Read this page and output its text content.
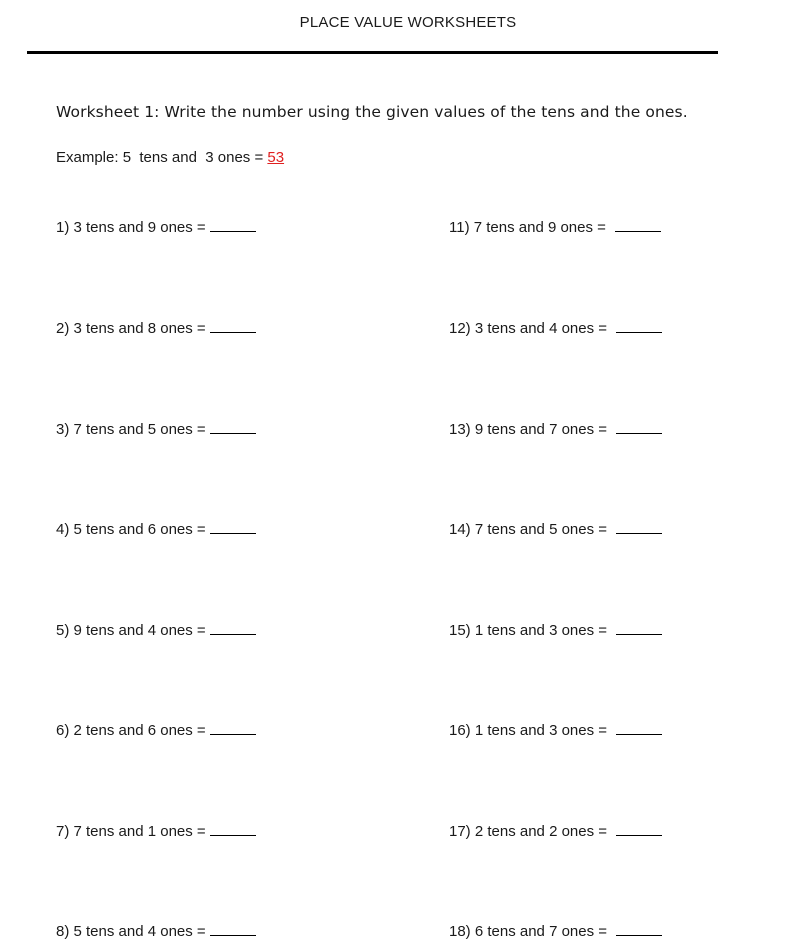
PLACE VALUE WORKSHEETS
Worksheet 1: Write the number using the given values of the tens and the ones.
Example: 5  tens and  3 ones = 53
1) 3 tens and 9 ones =
2) 3 tens and 8 ones =
3) 7 tens and 5 ones =
4) 5 tens and 6 ones =
5) 9 tens and 4 ones =
6) 2 tens and 6 ones =
7) 7 tens and 1 ones =
8) 5 tens and 4 ones =
11) 7 tens and 9 ones =
12) 3 tens and 4 ones =
13) 9 tens and 7 ones =
14) 7 tens and 5 ones =
15) 1 tens and 3 ones =
16) 1 tens and 3 ones =
17) 2 tens and 2 ones =
18) 6 tens and 7 ones =
